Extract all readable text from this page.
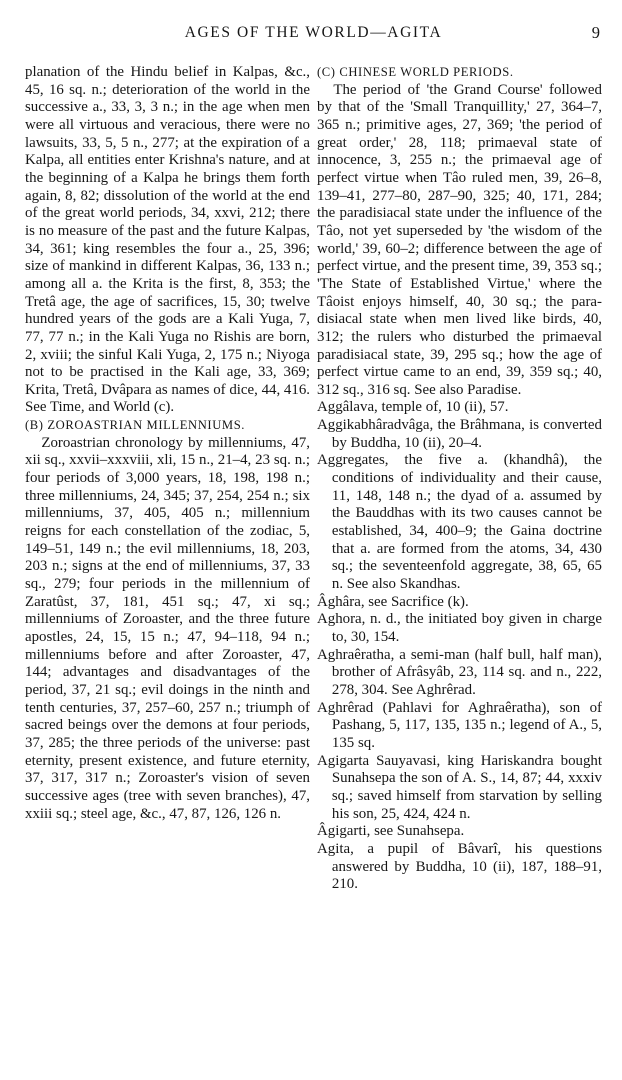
AGES OF THE WORLD—AGITA	9

planation of the Hindu belief in Kalpas, &c., 45, 16 sq. n.; deterioration of the world in the successive a., 33, 3, 3 n.; in the age when men were all virtuous and veracious, there were no lawsuits, 33, 5, 5 n., 277; at the expiration of a Kalpa, all entities enter Krishna's nature, and at the beginning of a Kalpa he brings them forth again, 8, 82; dissolution of the world at the end of the great world periods, 34, xxvi, 212; there is no measure of the past and the future Kalpas, 34, 361; king resembles the four a., 25, 396; size of mankind in different Kalpas, 36, 133 n.; among all a. the Krita is the first, 8, 353; the Tretâ age, the age of sacrifices, 15, 30; twelve hundred years of the gods are a Kali Yuga, 7, 77, 77 n.; in the Kali Yuga no Rishis are born, 2, xviii; the sinful Kali Yuga, 2, 175 n.; Niyoga not to be practised in the Kali age, 33, 369; Krita, Tretâ, Dvâpara as names of dice, 44, 416. See Time, and World (c).

(B) ZOROASTRIAN MILLENNIUMS.

Zoroastrian chronology by millenniums, 47, xii sq., xxvii–xxxviii, xli, 15 n., 21–4, 23 sq. n.; four periods of 3,000 years, 18, 198, 198 n.; three millenniums, 24, 345; 37, 254, 254 n.; six millenniums, 37, 405, 405 n.; millennium reigns for each constellation of the zodiac, 5, 149–51, 149 n.; the evil millenniums, 18, 203, 203 n.; signs at the end of millenniums, 37, 33 sq., 279; four periods in the millennium of Zaratûst, 37, 181, 451 sq.; 47, xi sq.; millenniums of Zoroaster, and the three future apostles, 24, 15, 15 n.; 47, 94–118, 94 n.; millenniums before and after Zoroaster, 47, 144; advantages and disadvantages of the period, 37, 21 sq.; evil doings in the ninth and tenth centuries, 37, 257–60, 257 n.; triumph of sacred beings over the demons at four periods, 37, 285; the three periods of the universe: past eternity, present existence, and future eternity, 37, 317, 317 n.; Zoroaster's vision of seven successive ages (tree with seven branches), 47, xxiii sq.; steel age, &c., 47, 87, 126, 126 n.

(C) CHINESE WORLD PERIODS.

The period of 'the Grand Course' followed by that of the 'Small Tranquillity,' 27, 364–7, 365 n.; primitive ages, 27, 369; 'the period of great order,' 28, 118; primaeval state of innocence, 3, 255 n.; the primaeval age of perfect virtue when Tâo ruled men, 39, 26–8, 139–41, 277–80, 287–90, 325; 40, 171, 284; the paradisiacal state under the influence of the Tâo, not yet superseded by 'the wisdom of the world,' 39, 60–2; difference between the age of perfect virtue, and the present time, 39, 353 sq.; 'The State of Established Virtue,' where the Tâoist enjoys himself, 40, 30 sq.; the paradisiacal state when men lived like birds, 40, 312; the rulers who disturbed the primaeval paradisiacal state, 39, 295 sq.; how the age of perfect virtue came to an end, 39, 359 sq.; 40, 312 sq., 316 sq. See also Paradise.

Aggâlava, temple of, 10 (ii), 57.

Aggikabhâradvâga, the Brâhmana, is converted by Buddha, 10 (ii), 20–4.

Aggregates, the five a. (khandhâ), the conditions of individuality and their cause, 11, 148, 148 n.; the dyad of a. assumed by the Bauddhas with its two causes cannot be established, 34, 400–9; the Gaina doctrine that a. are formed from the atoms, 34, 430 sq.; the seventeenfold aggregate, 38, 65, 65 n. See also Skandhas.

Âghâra, see Sacrifice (k).

Aghora, n. d., the initiated boy given in charge to, 30, 154.

Aghraêratha, a semi-man (half bull, half man), brother of Afrâsyâb, 23, 114 sq. and n., 222, 278, 304. See Aghrêrad.

Aghrêrad (Pahlavi for Aghraêratha), son of Pashang, 5, 117, 135, 135 n.; legend of A., 5, 135 sq.

Agigarta Sauyavasi, king Hariskandra bought Sunahsepa the son of A. S., 14, 87; 44, xxxiv sq.; saved himself from starvation by selling his son, 25, 424, 424 n.

Âgigarti, see Sunahsepa.

Agita, a pupil of Bâvarî, his questions answered by Buddha, 10 (ii), 187, 188–91, 210.
